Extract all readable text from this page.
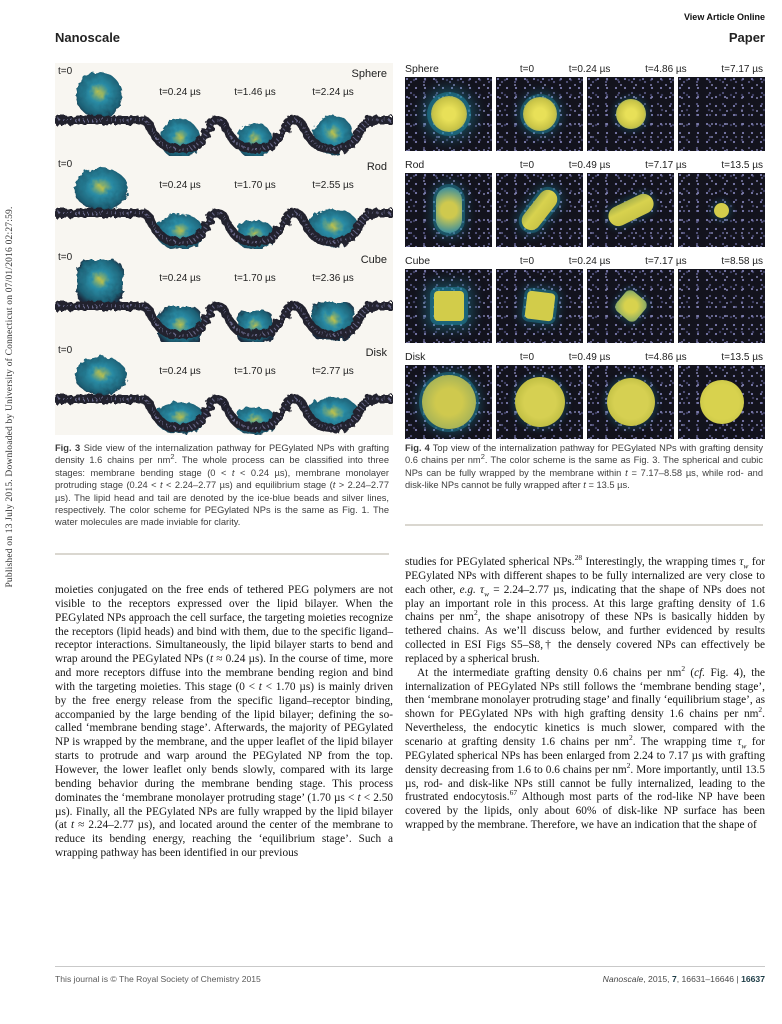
View Article Online
Nanoscale	Paper
Published on 13 July 2015. Downloaded by University of Connecticut on 07/01/2016 02:27:59.
t=0	Sphere
t=0.24 µs	t=1.46 µs	t=2.24 µs
t=0	Rod
t=0.24 µs	t=1.70 µs	t=2.55 µs
t=0	Cube
t=0.24 µs	t=1.70 µs	t=2.36 µs
t=0	Disk
t=0.24 µs	t=1.70 µs	t=2.77 µs
Sphere	t=0	t=0.24 µs	t=4.86 µs	t=7.17 µs
Rod	t=0	t=0.49 µs	t=7.17 µs	t=13.5 µs
Cube	t=0	t=0.24 µs	t=7.17 µs	t=8.58 µs
Disk	t=0	t=0.49 µs	t=4.86 µs	t=13.5 µs
Fig. 3 Side view of the internalization pathway for PEGylated NPs with grafting density 1.6 chains per $nm^2$. The whole process can be classified into three stages: membrane bending stage (0 < t < 0.24 µs), membrane monolayer protruding stage (0.24 < t < 2.24–2.77 µs) and equilibrium stage (t > 2.24–2.77 µs). The lipid head and tail are denoted by the ice-blue beads and silver lines, respectively. The color scheme for PEGylated NPs is the same as Fig. 1. The water molecules are made inviable for clarity.
Fig. 4 Top view of the internalization pathway for PEGylated NPs with grafting density 0.6 chains per $nm^2$. The color scheme is the same as Fig. 3. The spherical and cubic NPs can be fully wrapped by the membrane within t = 7.17–8.58 µs, while rod- and disk-like NPs cannot be fully wrapped after t = 13.5 µs.

moieties conjugated on the free ends of tethered PEG polymers are not visible to the receptors expressed over the lipid bilayer. When the PEGylated NPs approach the cell surface, the targeting moieties recognize the receptors (lipid heads) and bind with them, due to the specific ligand–receptor interactions. Simultaneously, the lipid bilayer starts to bend and wrap around the PEGylated NPs (t ≈ 0.24 µs). In the course of time, more and more receptors diffuse into the membrane bending region and bind with the targeting moieties. This stage (0 < t < 1.70 µs) is mainly driven by the free energy release from the specific ligand–receptor binding, accompanied by the large bending of the lipid bilayer; defining the so-called ‘membrane bending stage’. Afterwards, the majority of PEGylated NP is wrapped by the membrane, and the upper leaflet of the lipid bilayer starts to protrude and warp around the PEGylated NP from the top. However, the lower leaflet only bends slowly, compared with its large bending behavior during the membrane bending stage. This process dominates the ‘membrane monolayer protruding stage’ (1.70 µs < t < 2.50 µs). Finally, all the PEGylated NPs are fully wrapped by the lipid bilayer (at t ≈ 2.24–2.77 µs), and located around the center of the membrane to reduce its bending energy, reaching the ‘equilibrium stage’. Such a wrapping pathway has been identified in our previous

studies for PEGylated spherical NPs.$^{28}$ Interestingly, the wrapping times $\tau_w$ for PEGylated NPs with different shapes to be fully internalized are very close to each other, e.g. $\tau_w = 2.24-2.77$ µs, indicating that the shape of NPs does not play an important role in this process. At this large grafting density of 1.6 chains per $nm^2$, the shape anisotropy of these NPs is basically hidden by tethered chains. As we’ll discuss below, and further evidenced by results collected in ESI Figs S5–S8,† the densely covered NPs can effectively be replaced by a spherical brush.

At the intermediate grafting density 0.6 chains per $nm^2$ (cf. Fig. 4), the internalization of PEGylated NPs still follows the ‘membrane bending stage’, then ‘membrane monolayer protruding stage’ and finally ‘equilibrium stage’, as shown for PEGylated NPs with high grafting density 1.6 chains per $nm^2$. Nevertheless, the endocytic kinetics is much slower, compared with the scenario at grafting density 1.6 chains per $nm^2$. The wrapping time $\tau_w$ for PEGylated spherical NPs has been enlarged from 2.24 to 7.17 µs with grafting density decreasing from 1.6 to 0.6 chains per $nm^2$. More importantly, until 13.5 µs, rod- and disk-like NPs still cannot be fully internalized, leading to the frustrated endocytosis.$^{67}$ Although most parts of the rod-like NP have been covered by the lipids, only about 60% of disk-like NP surface has been wrapped by the membrane. Therefore, we have an indication that the shape of

This journal is © The Royal Society of Chemistry 2015	Nanoscale, 2015, 7, 16631–16646 | 16637
